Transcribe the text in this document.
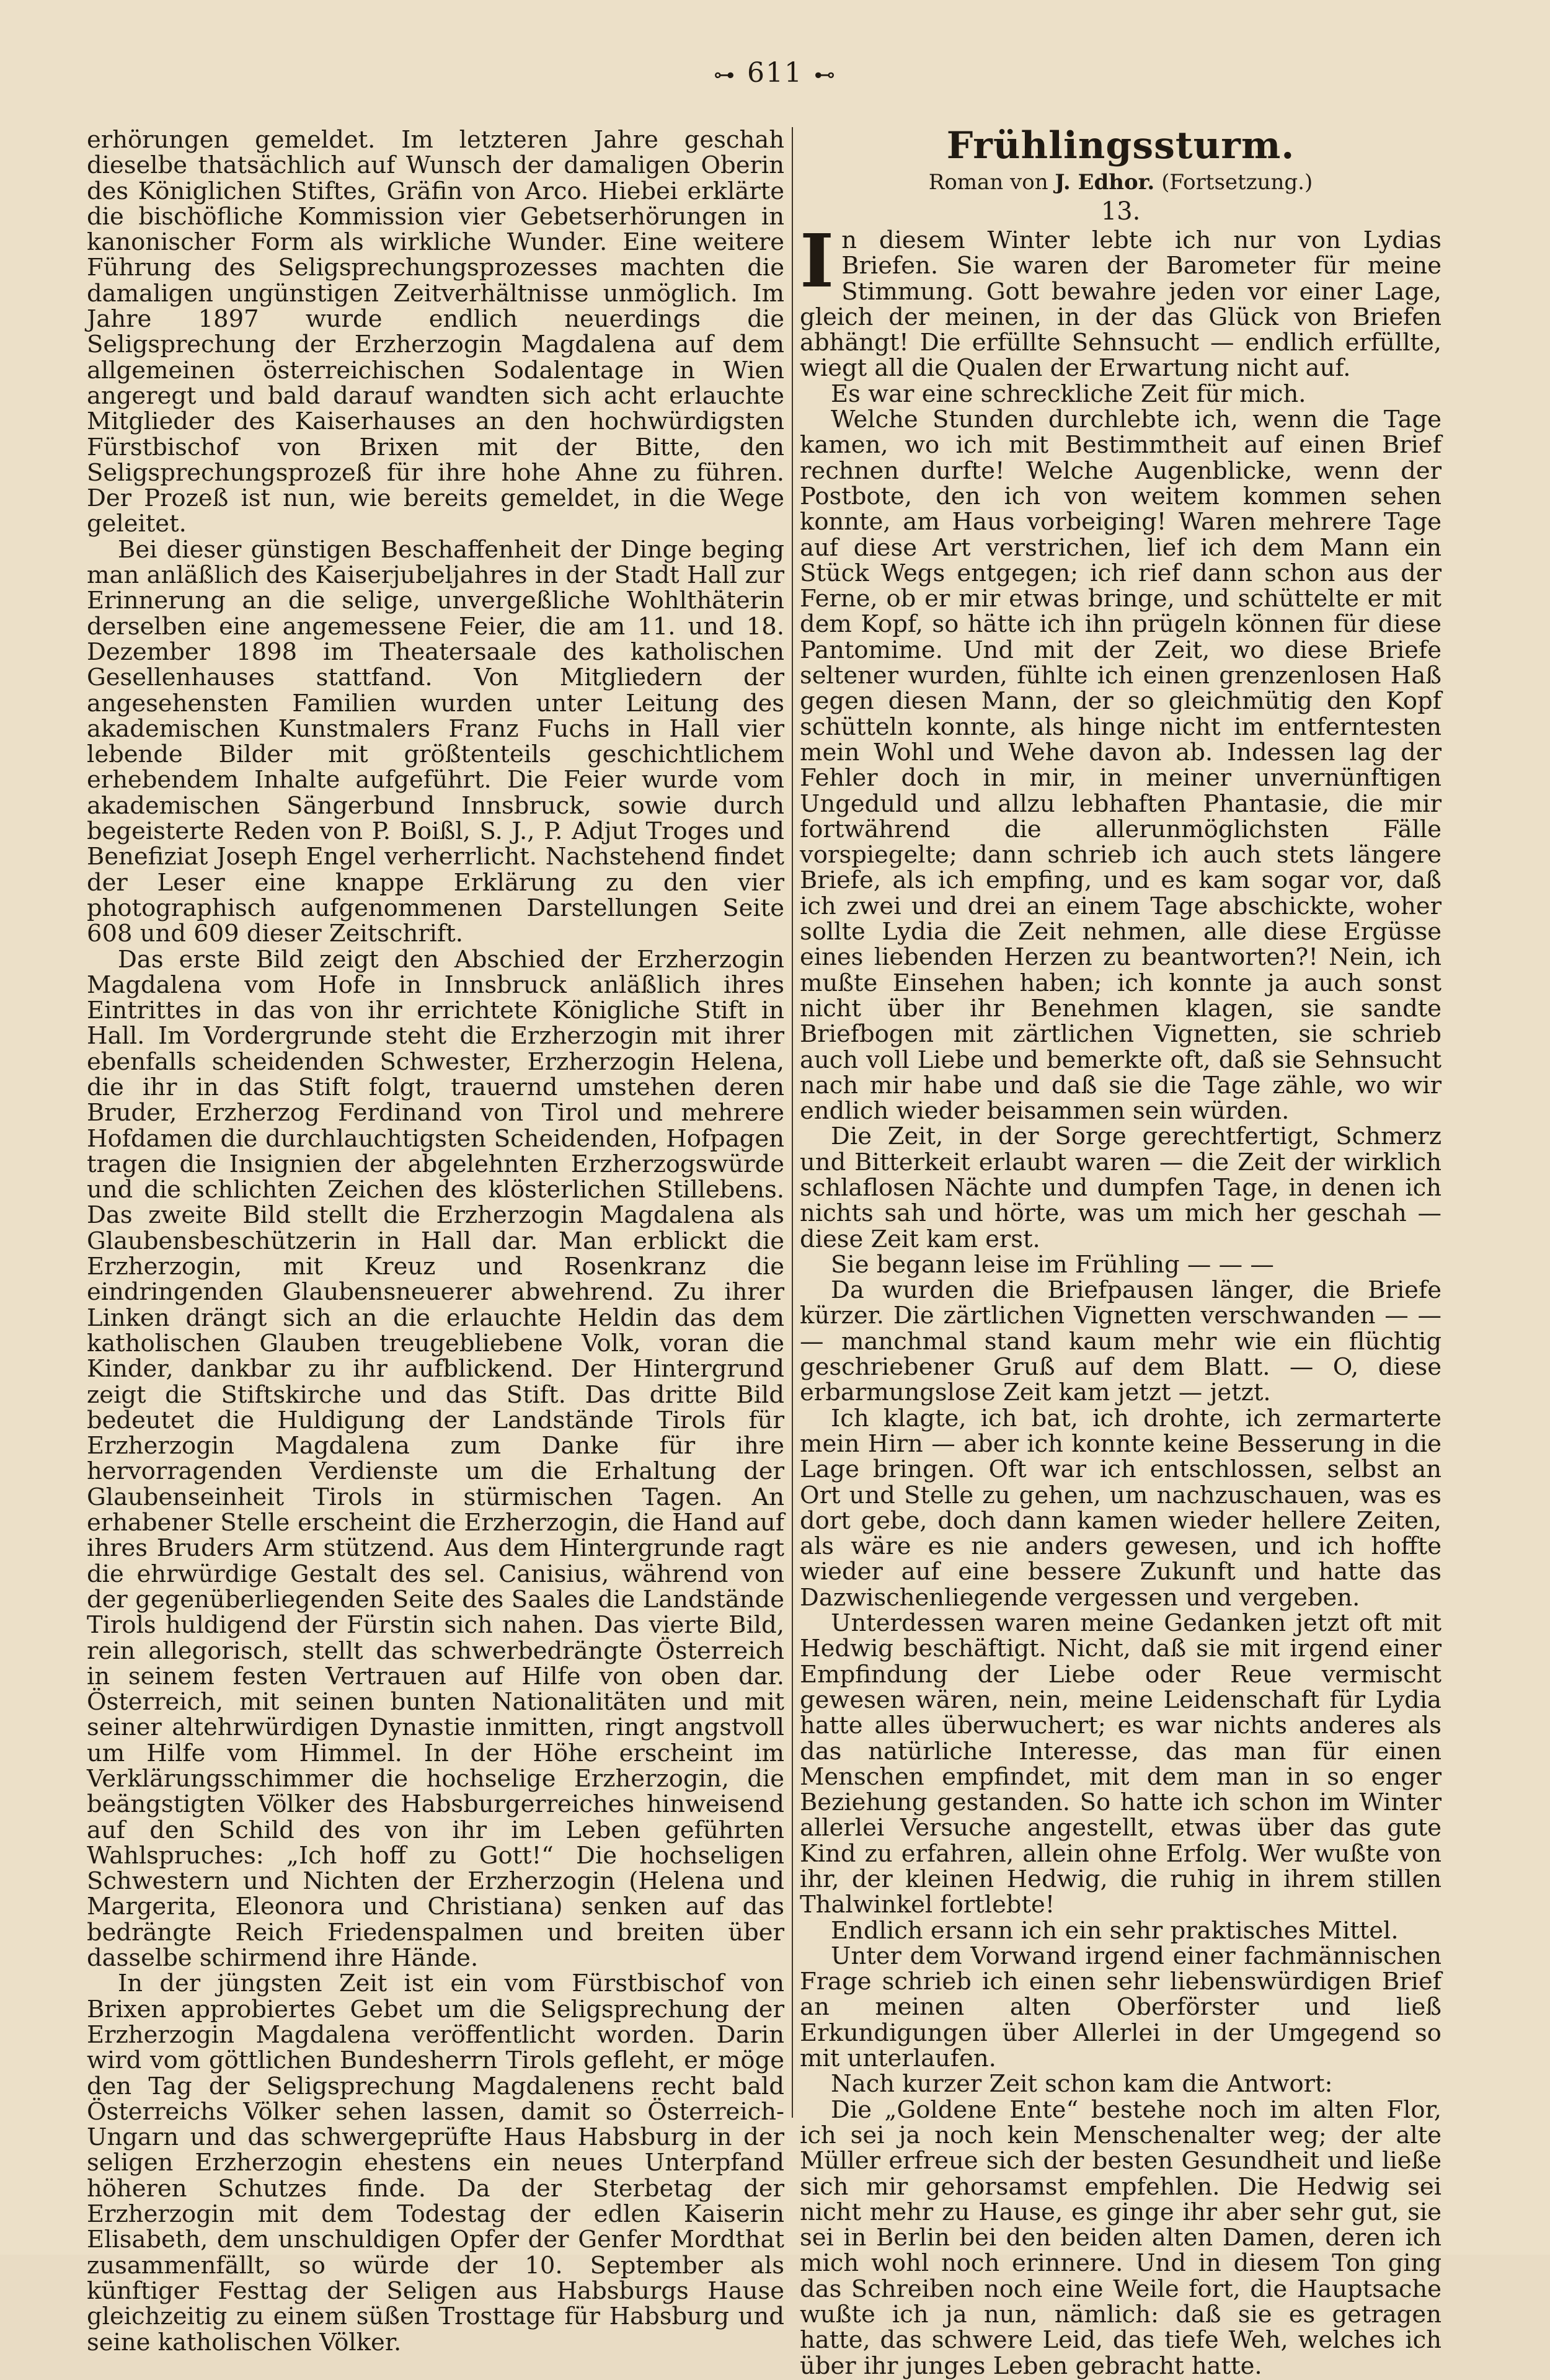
⊶ 611 ⊷

erhörungen gemeldet. Im letzteren Jahre geschah dieselbe thatsächlich auf Wunsch der damaligen Oberin des Königlichen Stiftes, Gräfin von Arco. Hiebei erklärte die bischöfliche Kommission vier Gebetserhörungen in kanonischer Form als wirkliche Wunder. Eine weitere Führung des Seligsprechungsprozesses machten die damaligen ungünstigen Zeitverhältnisse unmöglich. Im Jahre 1897 wurde endlich neuerdings die Seligsprechung der Erzherzogin Magdalena auf dem allgemeinen österreichischen Sodalentage in Wien angeregt und bald darauf wandten sich acht erlauchte Mitglieder des Kaiserhauses an den hochwürdigsten Fürstbischof von Brixen mit der Bitte, den Seligsprechungsprozeß für ihre hohe Ahne zu führen. Der Prozeß ist nun, wie bereits gemeldet, in die Wege geleitet.

Bei dieser günstigen Beschaffenheit der Dinge beging man anläßlich des Kaiserjubeljahres in der Stadt Hall zur Erinnerung an die selige, unvergeßliche Wohlthäterin derselben eine angemessene Feier, die am 11. und 18. Dezember 1898 im Theatersaale des katholischen Gesellenhauses stattfand. Von Mitgliedern der angesehensten Familien wurden unter Leitung des akademischen Kunstmalers Franz Fuchs in Hall vier lebende Bilder mit größtenteils geschichtlichem erhebendem Inhalte aufgeführt. Die Feier wurde vom akademischen Sängerbund Innsbruck, sowie durch begeisterte Reden von P. Boißl, S. J., P. Adjut Troges und Benefiziat Joseph Engel verherrlicht. Nachstehend findet der Leser eine knappe Erklärung zu den vier photographisch aufgenommenen Darstellungen Seite 608 und 609 dieser Zeitschrift.

Das erste Bild zeigt den Abschied der Erzherzogin Magdalena vom Hofe in Innsbruck anläßlich ihres Eintrittes in das von ihr errichtete Königliche Stift in Hall. Im Vordergrunde steht die Erzherzogin mit ihrer ebenfalls scheidenden Schwester, Erzherzogin Helena, die ihr in das Stift folgt, trauernd umstehen deren Bruder, Erzherzog Ferdinand von Tirol und mehrere Hofdamen die durchlauchtigsten Scheidenden, Hofpagen tragen die Insignien der abgelehnten Erzherzogswürde und die schlichten Zeichen des klösterlichen Stillebens. Das zweite Bild stellt die Erzherzogin Magdalena als Glaubensbeschützerin in Hall dar. Man erblickt die Erzherzogin, mit Kreuz und Rosenkranz die eindringenden Glaubensneuerer abwehrend. Zu ihrer Linken drängt sich an die erlauchte Heldin das dem katholischen Glauben treugebliebene Volk, voran die Kinder, dankbar zu ihr aufblickend. Der Hintergrund zeigt die Stiftskirche und das Stift. Das dritte Bild bedeutet die Huldigung der Landstände Tirols für Erzherzogin Magdalena zum Danke für ihre hervorragenden Verdienste um die Erhaltung der Glaubenseinheit Tirols in stürmischen Tagen. An erhabener Stelle erscheint die Erzherzogin, die Hand auf ihres Bruders Arm stützend. Aus dem Hintergrunde ragt die ehrwürdige Gestalt des sel. Canisius, während von der gegenüberliegenden Seite des Saales die Landstände Tirols huldigend der Fürstin sich nahen. Das vierte Bild, rein allegorisch, stellt das schwerbedrängte Österreich in seinem festen Vertrauen auf Hilfe von oben dar. Österreich, mit seinen bunten Nationalitäten und mit seiner altehrwürdigen Dynastie inmitten, ringt angstvoll um Hilfe vom Himmel. In der Höhe erscheint im Verklärungsschimmer die hochselige Erzherzogin, die beängstigten Völker des Habsburgerreiches hinweisend auf den Schild des von ihr im Leben geführten Wahlspruches: „Ich hoff zu Gott!“ Die hochseligen Schwestern und Nichten der Erzherzogin (Helena und Margerita, Eleonora und Christiana) senken auf das bedrängte Reich Friedenspalmen und breiten über dasselbe schirmend ihre Hände.

In der jüngsten Zeit ist ein vom Fürstbischof von Brixen approbiertes Gebet um die Seligsprechung der Erzherzogin Magdalena veröffentlicht worden. Darin wird vom göttlichen Bundesherrn Tirols gefleht, er möge den Tag der Seligsprechung Magdalenens recht bald Österreichs Völker sehen lassen, damit so Österreich-Ungarn und das schwergeprüfte Haus Habsburg in der seligen Erzherzogin ehestens ein neues Unterpfand höheren Schutzes finde. Da der Sterbetag der Erzherzogin mit dem Todestag der edlen Kaiserin Elisabeth, dem unschuldigen Opfer der Genfer Mordthat zusammenfällt, so würde der 10. September als künftiger Festtag der Seligen aus Habsburgs Hause gleichzeitig zu einem süßen Trosttage für Habsburg und seine katholischen Völker.

Frühlingssturm.
Roman von J. Edhor. (Fortsetzung.)
13.

In diesem Winter lebte ich nur von Lydias Briefen. Sie waren der Barometer für meine Stimmung. Gott bewahre jeden vor einer Lage, gleich der meinen, in der das Glück von Briefen abhängt! Die erfüllte Sehnsucht — endlich erfüllte, wiegt all die Qualen der Erwartung nicht auf.

Es war eine schreckliche Zeit für mich.

Welche Stunden durchlebte ich, wenn die Tage kamen, wo ich mit Bestimmtheit auf einen Brief rechnen durfte! Welche Augenblicke, wenn der Postbote, den ich von weitem kommen sehen konnte, am Haus vorbeiging! Waren mehrere Tage auf diese Art verstrichen, lief ich dem Mann ein Stück Wegs entgegen; ich rief dann schon aus der Ferne, ob er mir etwas bringe, und schüttelte er mit dem Kopf, so hätte ich ihn prügeln können für diese Pantomime. Und mit der Zeit, wo diese Briefe seltener wurden, fühlte ich einen grenzenlosen Haß gegen diesen Mann, der so gleichmütig den Kopf schütteln konnte, als hinge nicht im entferntesten mein Wohl und Wehe davon ab. Indessen lag der Fehler doch in mir, in meiner unvernünftigen Ungeduld und allzu lebhaften Phantasie, die mir fortwährend die allerunmöglichsten Fälle vorspiegelte; dann schrieb ich auch stets längere Briefe, als ich empfing, und es kam sogar vor, daß ich zwei und drei an einem Tage abschickte, woher sollte Lydia die Zeit nehmen, alle diese Ergüsse eines liebenden Herzen zu beantworten?! Nein, ich mußte Einsehen haben; ich konnte ja auch sonst nicht über ihr Benehmen klagen, sie sandte Briefbogen mit zärtlichen Vignetten, sie schrieb auch voll Liebe und bemerkte oft, daß sie Sehnsucht nach mir habe und daß sie die Tage zähle, wo wir endlich wieder beisammen sein würden.

Die Zeit, in der Sorge gerechtfertigt, Schmerz und Bitterkeit erlaubt waren — die Zeit der wirklich schlaflosen Nächte und dumpfen Tage, in denen ich nichts sah und hörte, was um mich her geschah — diese Zeit kam erst.

Sie begann leise im Frühling — — —

Da wurden die Briefpausen länger, die Briefe kürzer. Die zärtlichen Vignetten verschwanden — — — manchmal stand kaum mehr wie ein flüchtig geschriebener Gruß auf dem Blatt. — O, diese erbarmungslose Zeit kam jetzt — jetzt.

Ich klagte, ich bat, ich drohte, ich zermarterte mein Hirn — aber ich konnte keine Besserung in die Lage bringen. Oft war ich entschlossen, selbst an Ort und Stelle zu gehen, um nachzuschauen, was es dort gebe, doch dann kamen wieder hellere Zeiten, als wäre es nie anders gewesen, und ich hoffte wieder auf eine bessere Zukunft und hatte das Dazwischenliegende vergessen und vergeben.

Unterdessen waren meine Gedanken jetzt oft mit Hedwig beschäftigt. Nicht, daß sie mit irgend einer Empfindung der Liebe oder Reue vermischt gewesen wären, nein, meine Leidenschaft für Lydia hatte alles überwuchert; es war nichts anderes als das natürliche Interesse, das man für einen Menschen empfindet, mit dem man in so enger Beziehung gestanden. So hatte ich schon im Winter allerlei Versuche angestellt, etwas über das gute Kind zu erfahren, allein ohne Erfolg. Wer wußte von ihr, der kleinen Hedwig, die ruhig in ihrem stillen Thalwinkel fortlebte!

Endlich ersann ich ein sehr praktisches Mittel.

Unter dem Vorwand irgend einer fachmännischen Frage schrieb ich einen sehr liebenswürdigen Brief an meinen alten Oberförster und ließ Erkundigungen über Allerlei in der Umgegend so mit unterlaufen.

Nach kurzer Zeit schon kam die Antwort:

Die „Goldene Ente“ bestehe noch im alten Flor, ich sei ja noch kein Menschenalter weg; der alte Müller erfreue sich der besten Gesundheit und ließe sich mir gehorsamst empfehlen. Die Hedwig sei nicht mehr zu Hause, es ginge ihr aber sehr gut, sie sei in Berlin bei den beiden alten Damen, deren ich mich wohl noch erinnere. Und in diesem Ton ging das Schreiben noch eine Weile fort, die Hauptsache wußte ich ja nun, nämlich: daß sie es getragen hatte, das schwere Leid, das tiefe Weh, welches ich über ihr junges Leben gebracht hatte.
